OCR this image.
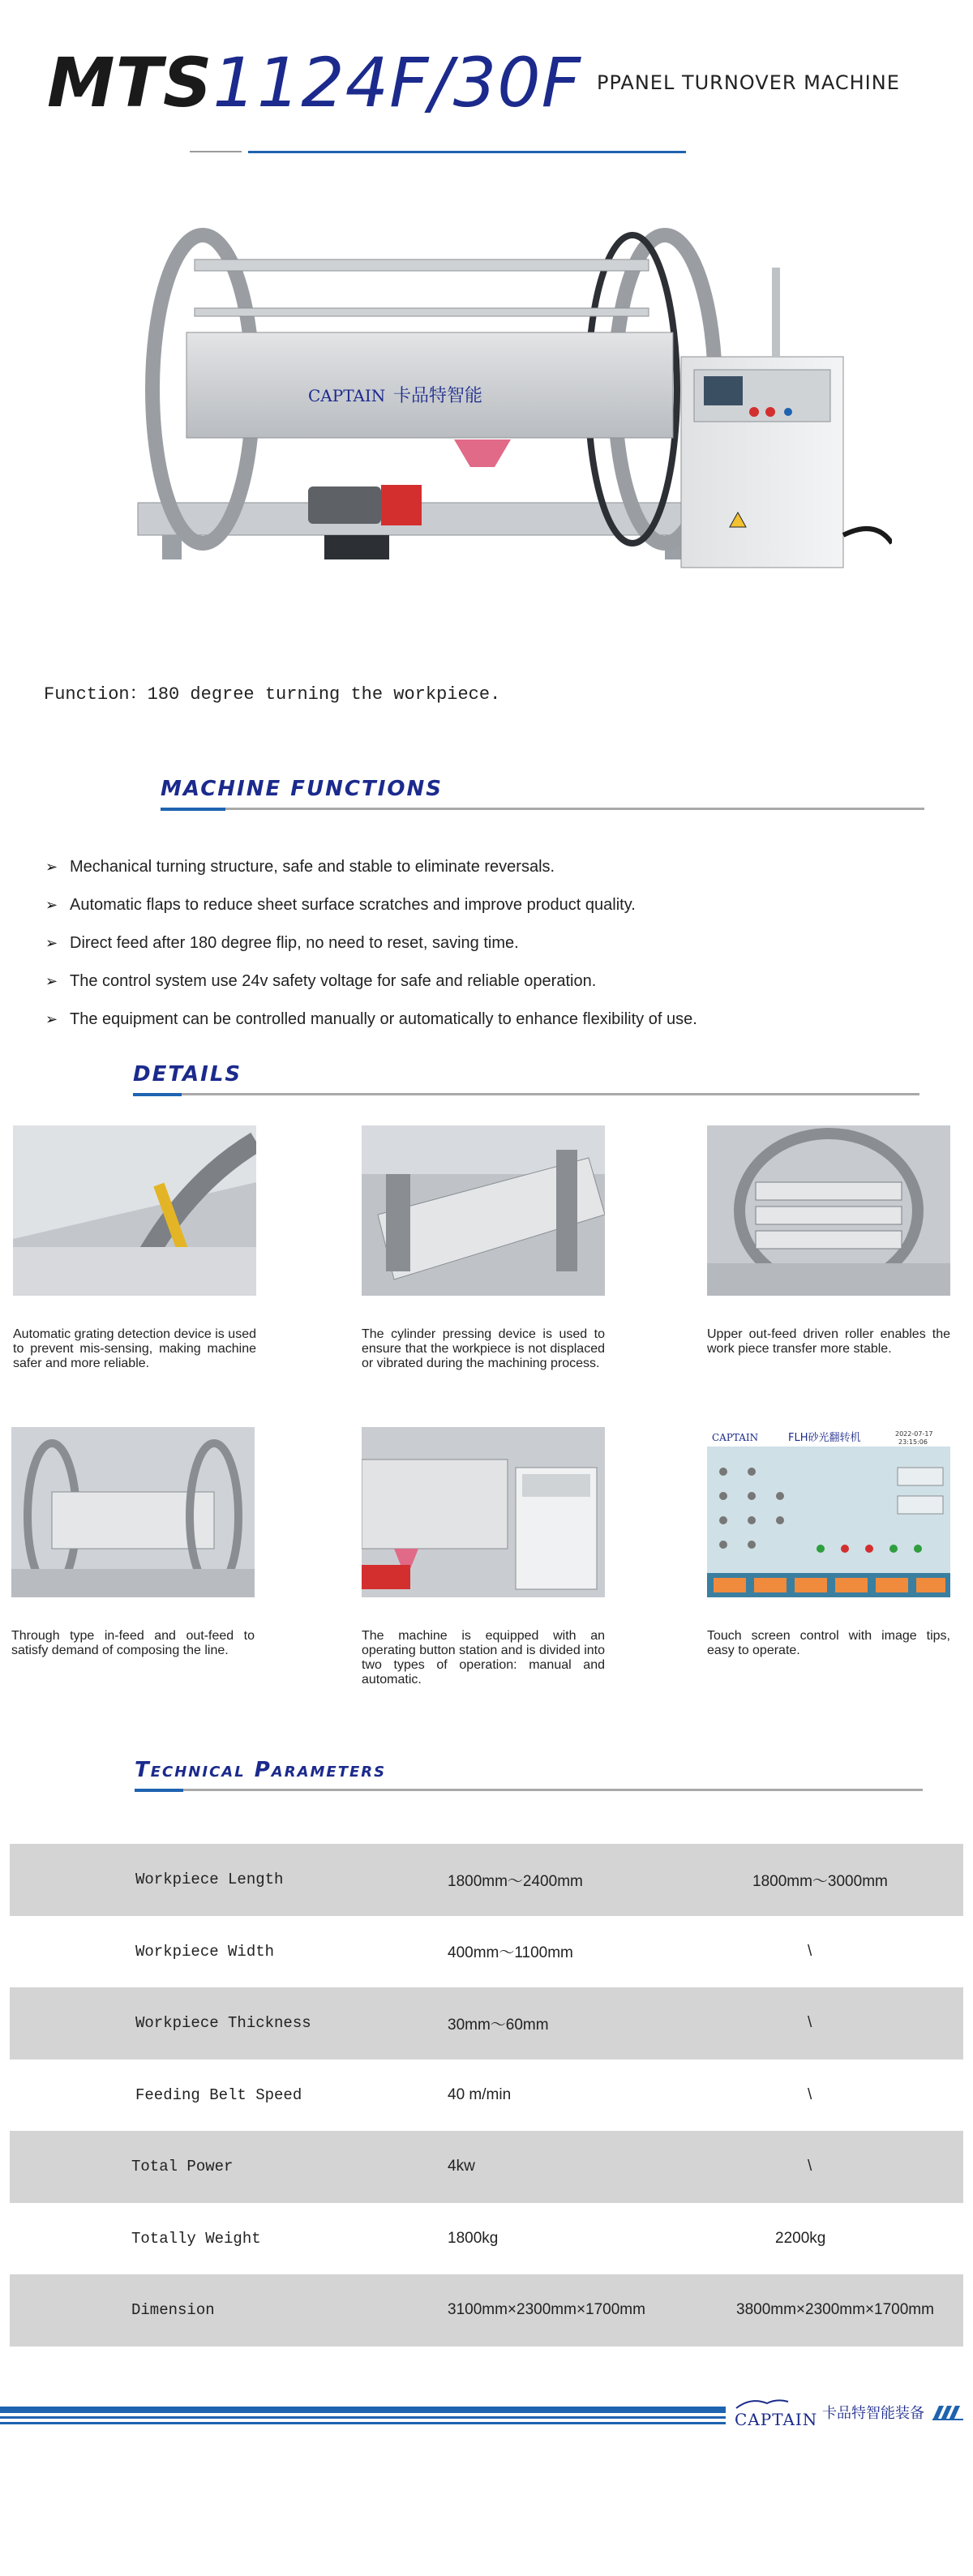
MTS1124F/30F PPANEL TURNOVER MACHINE
CAPTAIN 卡品特智能
Function：180 degree turning the workpiece.
MACHINE FUNCTIONS
➢ Mechanical turning structure, safe and stable to eliminate reversals.
➢ Automatic flaps to reduce sheet surface scratches and improve product quality.
➢ Direct feed after 180 degree flip, no need to reset, saving time.
➢ The control system use 24v safety voltage for safe and reliable operation.
➢ The equipment can be controlled manually or automatically to enhance flexibility of use.
DETAILS
Automatic grating detection device is used to prevent mis-sensing, making machine safer and more reliable.
The cylinder pressing device is used to ensure that the workpiece is not displaced or vibrated during the machining process.
Upper out-feed driven roller enables the work piece transfer more stable.
Through type in-feed and out-feed to satisfy demand of composing the line.
The machine is equipped with an operating button station and is divided into two types of operation: manual and automatic.
CAPTAIN	FLH砂光翻转机	2022-07-17
23:15:06
Touch screen control with image tips, easy to operate.
Technical Parameters
Workpiece Length	1800mm～2400mm	1800mm～3000mm
Workpiece Width	400mm～1100mm	\
Workpiece Thickness	30mm～60mm	\
Feeding Belt Speed	40 m/min	\
Total Power	4kw	\
Totally Weight	1800kg	2200kg
Dimension	3100mm×2300mm×1700mm	3800mm×2300mm×1700mm
CAPTAIN 卡品特智能装备
